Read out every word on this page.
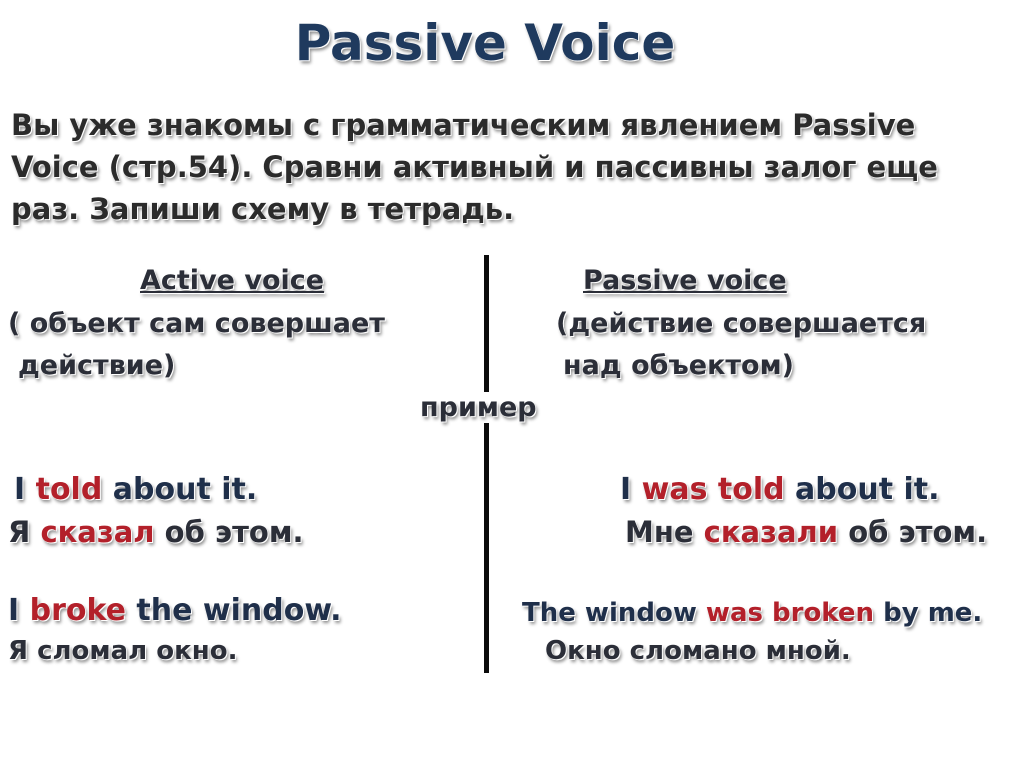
Passive Voice
Вы уже знакомы с грамматическим явлением Passive
Voice (стр.54). Сравни активный и пассивны залог еще
раз. Запиши схему в тетрадь.
Active voice
( объект сам совершает
действие)
Passive voice
(действие совершается
над объектом)
пример
I told about it.
Я сказал об этом.
I was told about it.
Мне сказали об этом.
I broke the window.
Я сломал окно.
The window was broken by me.
Окно сломано мной.
